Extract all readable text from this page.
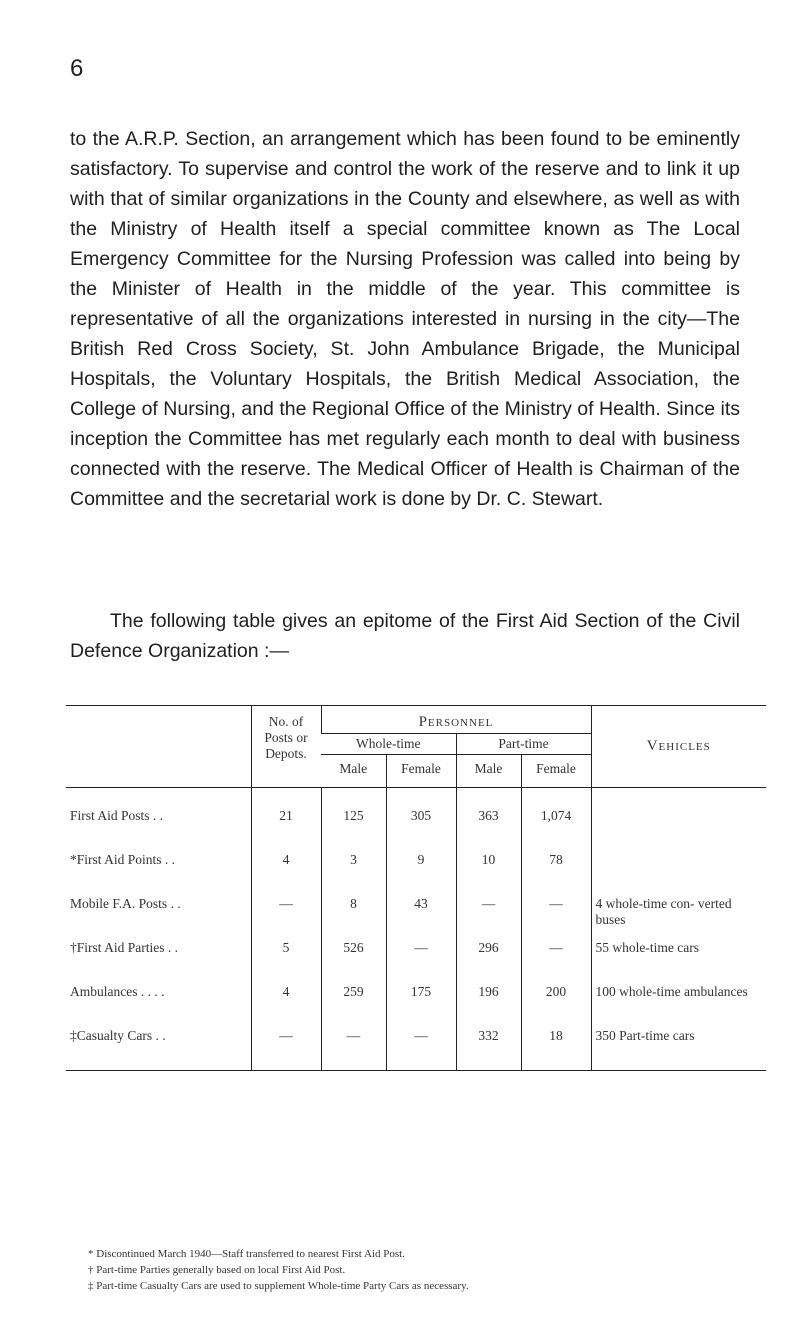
6

to the A.R.P. Section, an arrangement which has been found to be eminently satisfactory. To supervise and control the work of the reserve and to link it up with that of similar organizations in the County and elsewhere, as well as with the Ministry of Health itself a special committee known as The Local Emergency Committee for the Nursing Profession was called into being by the Minister of Health in the middle of the year. This committee is representative of all the organizations interested in nursing in the city—The British Red Cross Society, St. John Ambulance Brigade, the Municipal Hospitals, the Voluntary Hospitals, the British Medical Association, the College of Nursing, and the Regional Office of the Ministry of Health. Since its inception the Committee has met regularly each month to deal with business connected with the reserve. The Medical Officer of Health is Chairman of the Committee and the secretarial work is done by Dr. C. Stewart.

The following table gives an epitome of the First Aid Section of the Civil Defence Organization :—

	No. of Posts or Depots.	Personnel				Vehicles
		Whole-time		Part-time		
		Male	Female	Male	Female	
First Aid Posts . .	21	125	305	363	1,074	
*First Aid Points . .	4	3	9	10	78	
Mobile F.A. Posts . .	—	8	43	—	—	4 whole-time con- verted buses
†First Aid Parties . .	5	526	—	296	—	55 whole-time cars
Ambulances . . . .	4	259	175	196	200	100 whole-time ambulances
‡Casualty Cars . .	—	—	—	332	18	350 Part-time cars

* Discontinued March 1940—Staff transferred to nearest First Aid Post.

† Part-time Parties generally based on local First Aid Post.

‡ Part-time Casualty Cars are used to supplement Whole-time Party Cars as necessary.
